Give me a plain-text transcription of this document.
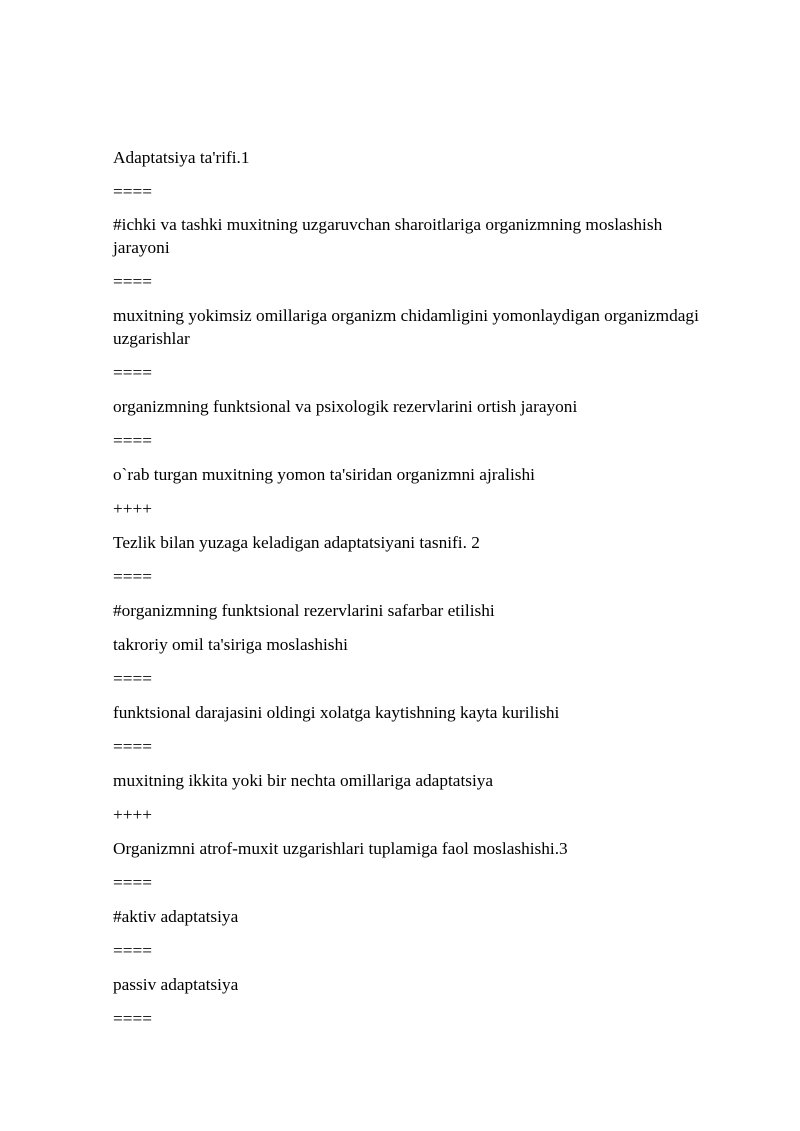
Adaptatsiya ta'rifi.1
====
#ichki va tashki muxitning uzgaruvchan sharoitlariga organizmning moslashish jarayoni
====
muxitning yokimsiz omillariga organizm chidamligini yomonlaydigan organizmdagi uzgarishlar
====
organizmning funktsional va psixologik rezervlarini ortish jarayoni
====
o`rab turgan muxitning yomon ta'siridan organizmni ajralishi
++++
Tezlik bilan yuzaga keladigan adaptatsiyani tasnifi. 2
====
#organizmning funktsional rezervlarini safarbar etilishi
takroriy omil ta'siriga moslashishi
====
funktsional darajasini oldingi xolatga kaytishning kayta kurilishi
====
muxitning ikkita yoki bir nechta omillariga adaptatsiya
++++
Organizmni atrof-muxit uzgarishlari tuplamiga faol moslashishi.3
====
#aktiv adaptatsiya
====
passiv adaptatsiya
====
